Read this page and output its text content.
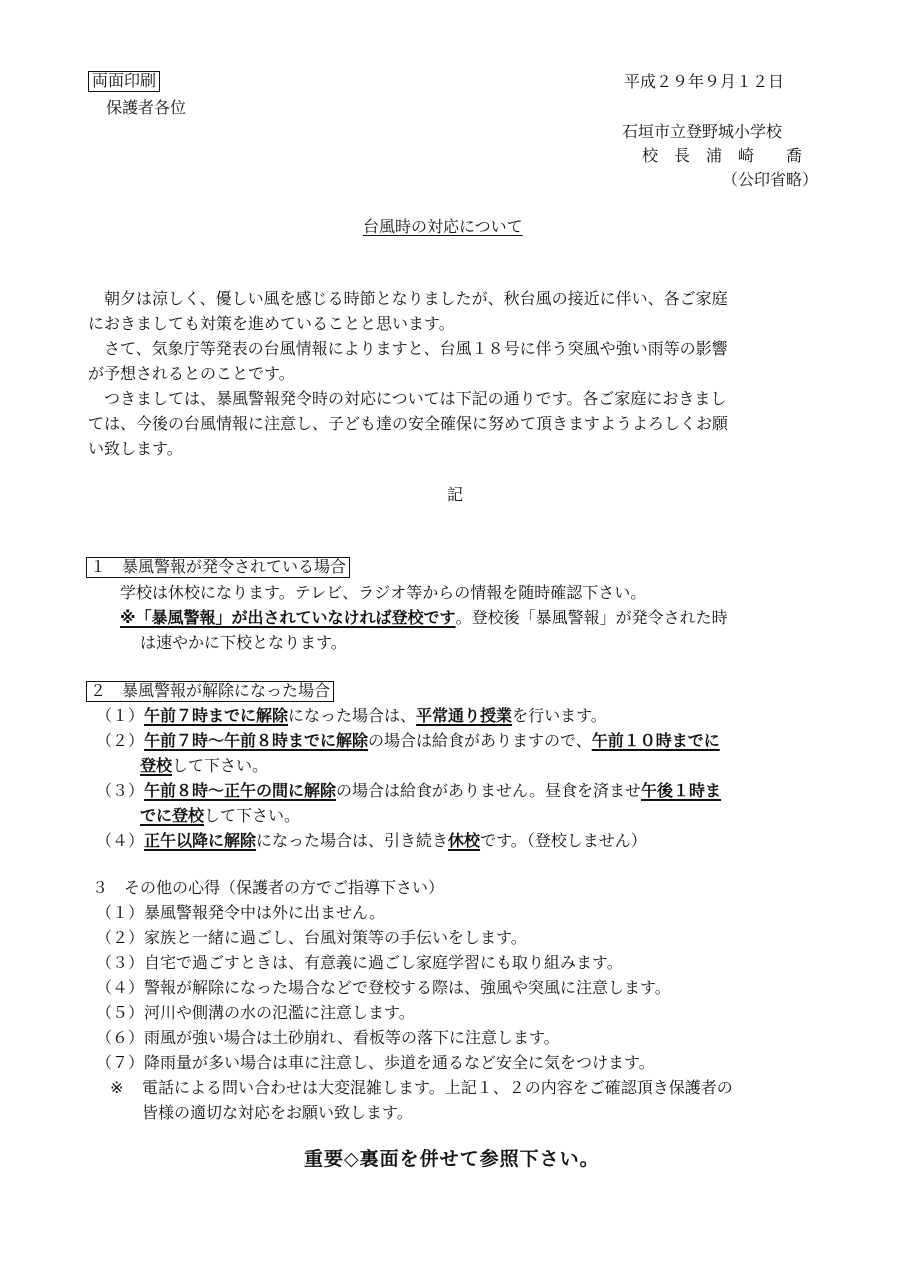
両面印刷	平成２９年９月１２日
保護者各位
石垣市立登野城小学校
校　長　浦　崎　　喬
（公印省略）
台風時の対応について
　朝夕は涼しく、優しい風を感じる時節となりましたが、秋台風の接近に伴い、各ご家庭
におきましても対策を進めていることと思います。
　さて、気象庁等発表の台風情報によりますと、台風１８号に伴う突風や強い雨等の影響
が予想されるとのことです。
　つきましては、暴風警報発令時の対応については下記の通りです。各ご家庭におきまし
ては、今後の台風情報に注意し、子ども達の安全確保に努めて頂きますようよろしくお願
い致します。
記
１　暴風警報が発令されている場合
学校は休校になります。テレビ、ラジオ等からの情報を随時確認下さい。
※「暴風警報」が出されていなければ登校です。登校後「暴風警報」が発令された時
は速やかに下校となります。
２　暴風警報が解除になった場合
（１）午前７時までに解除になった場合は、平常通り授業を行います。
（２）午前７時～午前８時までに解除の場合は給食がありますので、午前１０時までに
登校して下さい。
（３）午前８時～正午の間に解除の場合は給食がありません。昼食を済ませ午後１時ま
でに登校して下さい。
（４）正午以降に解除になった場合は、引き続き休校です。（登校しません）
３　その他の心得（保護者の方でご指導下さい）
（１）暴風警報発令中は外に出ません。
（２）家族と一緒に過ごし、台風対策等の手伝いをします。
（３）自宅で過ごすときは、有意義に過ごし家庭学習にも取り組みます。
（４）警報が解除になった場合などで登校する際は、強風や突風に注意します。
（５）河川や側溝の水の氾濫に注意します。
（６）雨風が強い場合は土砂崩れ、看板等の落下に注意します。
（７）降雨量が多い場合は車に注意し、歩道を通るなど安全に気をつけます。
※ 電話による問い合わせは大変混雑します。上記１、２の内容をご確認頂き保護者の
皆様の適切な対応をお願い致します。
重要◇裏面を併せて参照下さい。
